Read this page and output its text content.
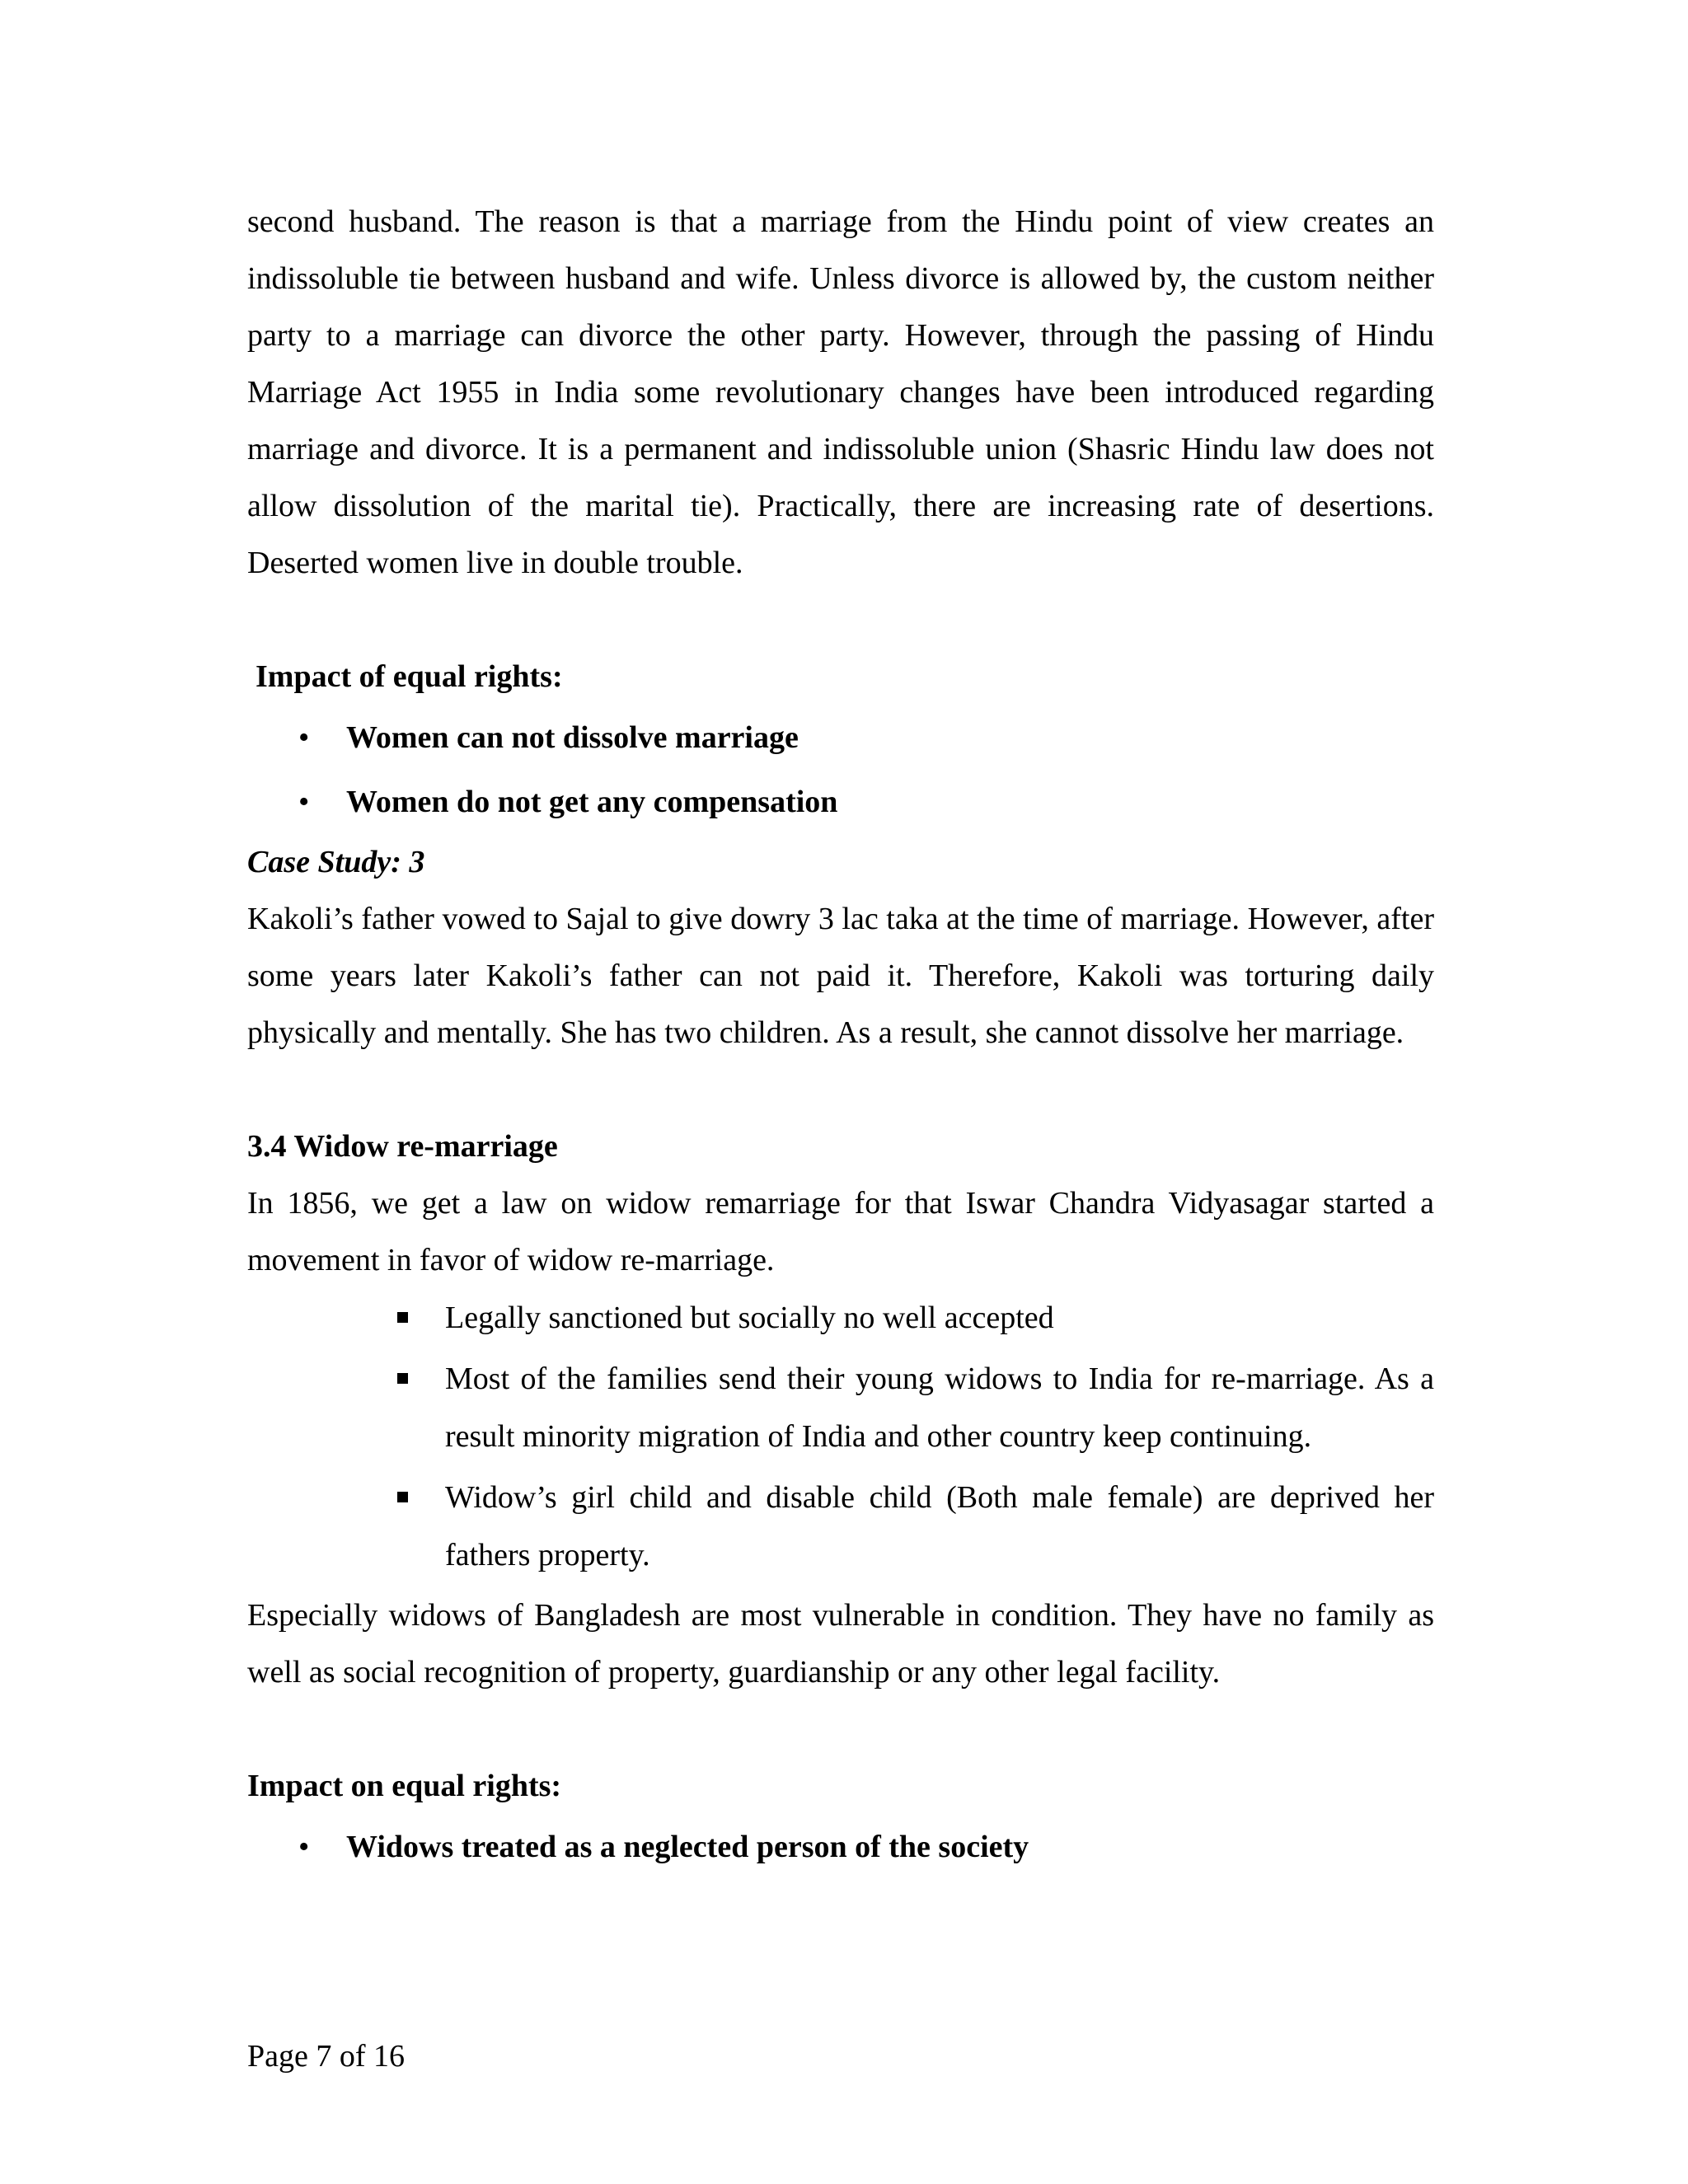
second husband. The reason is that a marriage from the Hindu point of view creates an indissoluble tie between husband and wife. Unless divorce is allowed by, the custom neither party to a marriage can divorce the other party. However, through the passing of Hindu Marriage Act 1955 in India some revolutionary changes have been introduced regarding marriage and divorce. It is a permanent and indissoluble union (Shasric Hindu law does not allow dissolution of the marital tie). Practically, there are increasing rate of desertions. Deserted women live in double trouble.

Impact of equal rights:

• Women can not dissolve marriage
• Women do not get any compensation

Case Study: 3

Kakoli’s father vowed to Sajal to give dowry 3 lac taka at the time of marriage. However, after some years later Kakoli’s father can not paid it. Therefore, Kakoli was torturing daily physically and mentally. She has two children. As a result, she cannot dissolve her marriage.

3.4 Widow re-marriage

In 1856, we get a law on widow remarriage for that Iswar Chandra Vidyasagar started a movement in favor of widow re-marriage.

Legally sanctioned but socially no well accepted
Most of the families send their young widows to India for re-marriage. As a result minority migration of India and other country keep continuing.
Widow’s girl child and disable child (Both male female) are deprived her fathers property.

Especially widows of Bangladesh are most vulnerable in condition. They have no family as well as social recognition of property, guardianship or any other legal facility.

Impact on equal rights:

• Widows treated as a neglected person of the society
Page 7 of 16
